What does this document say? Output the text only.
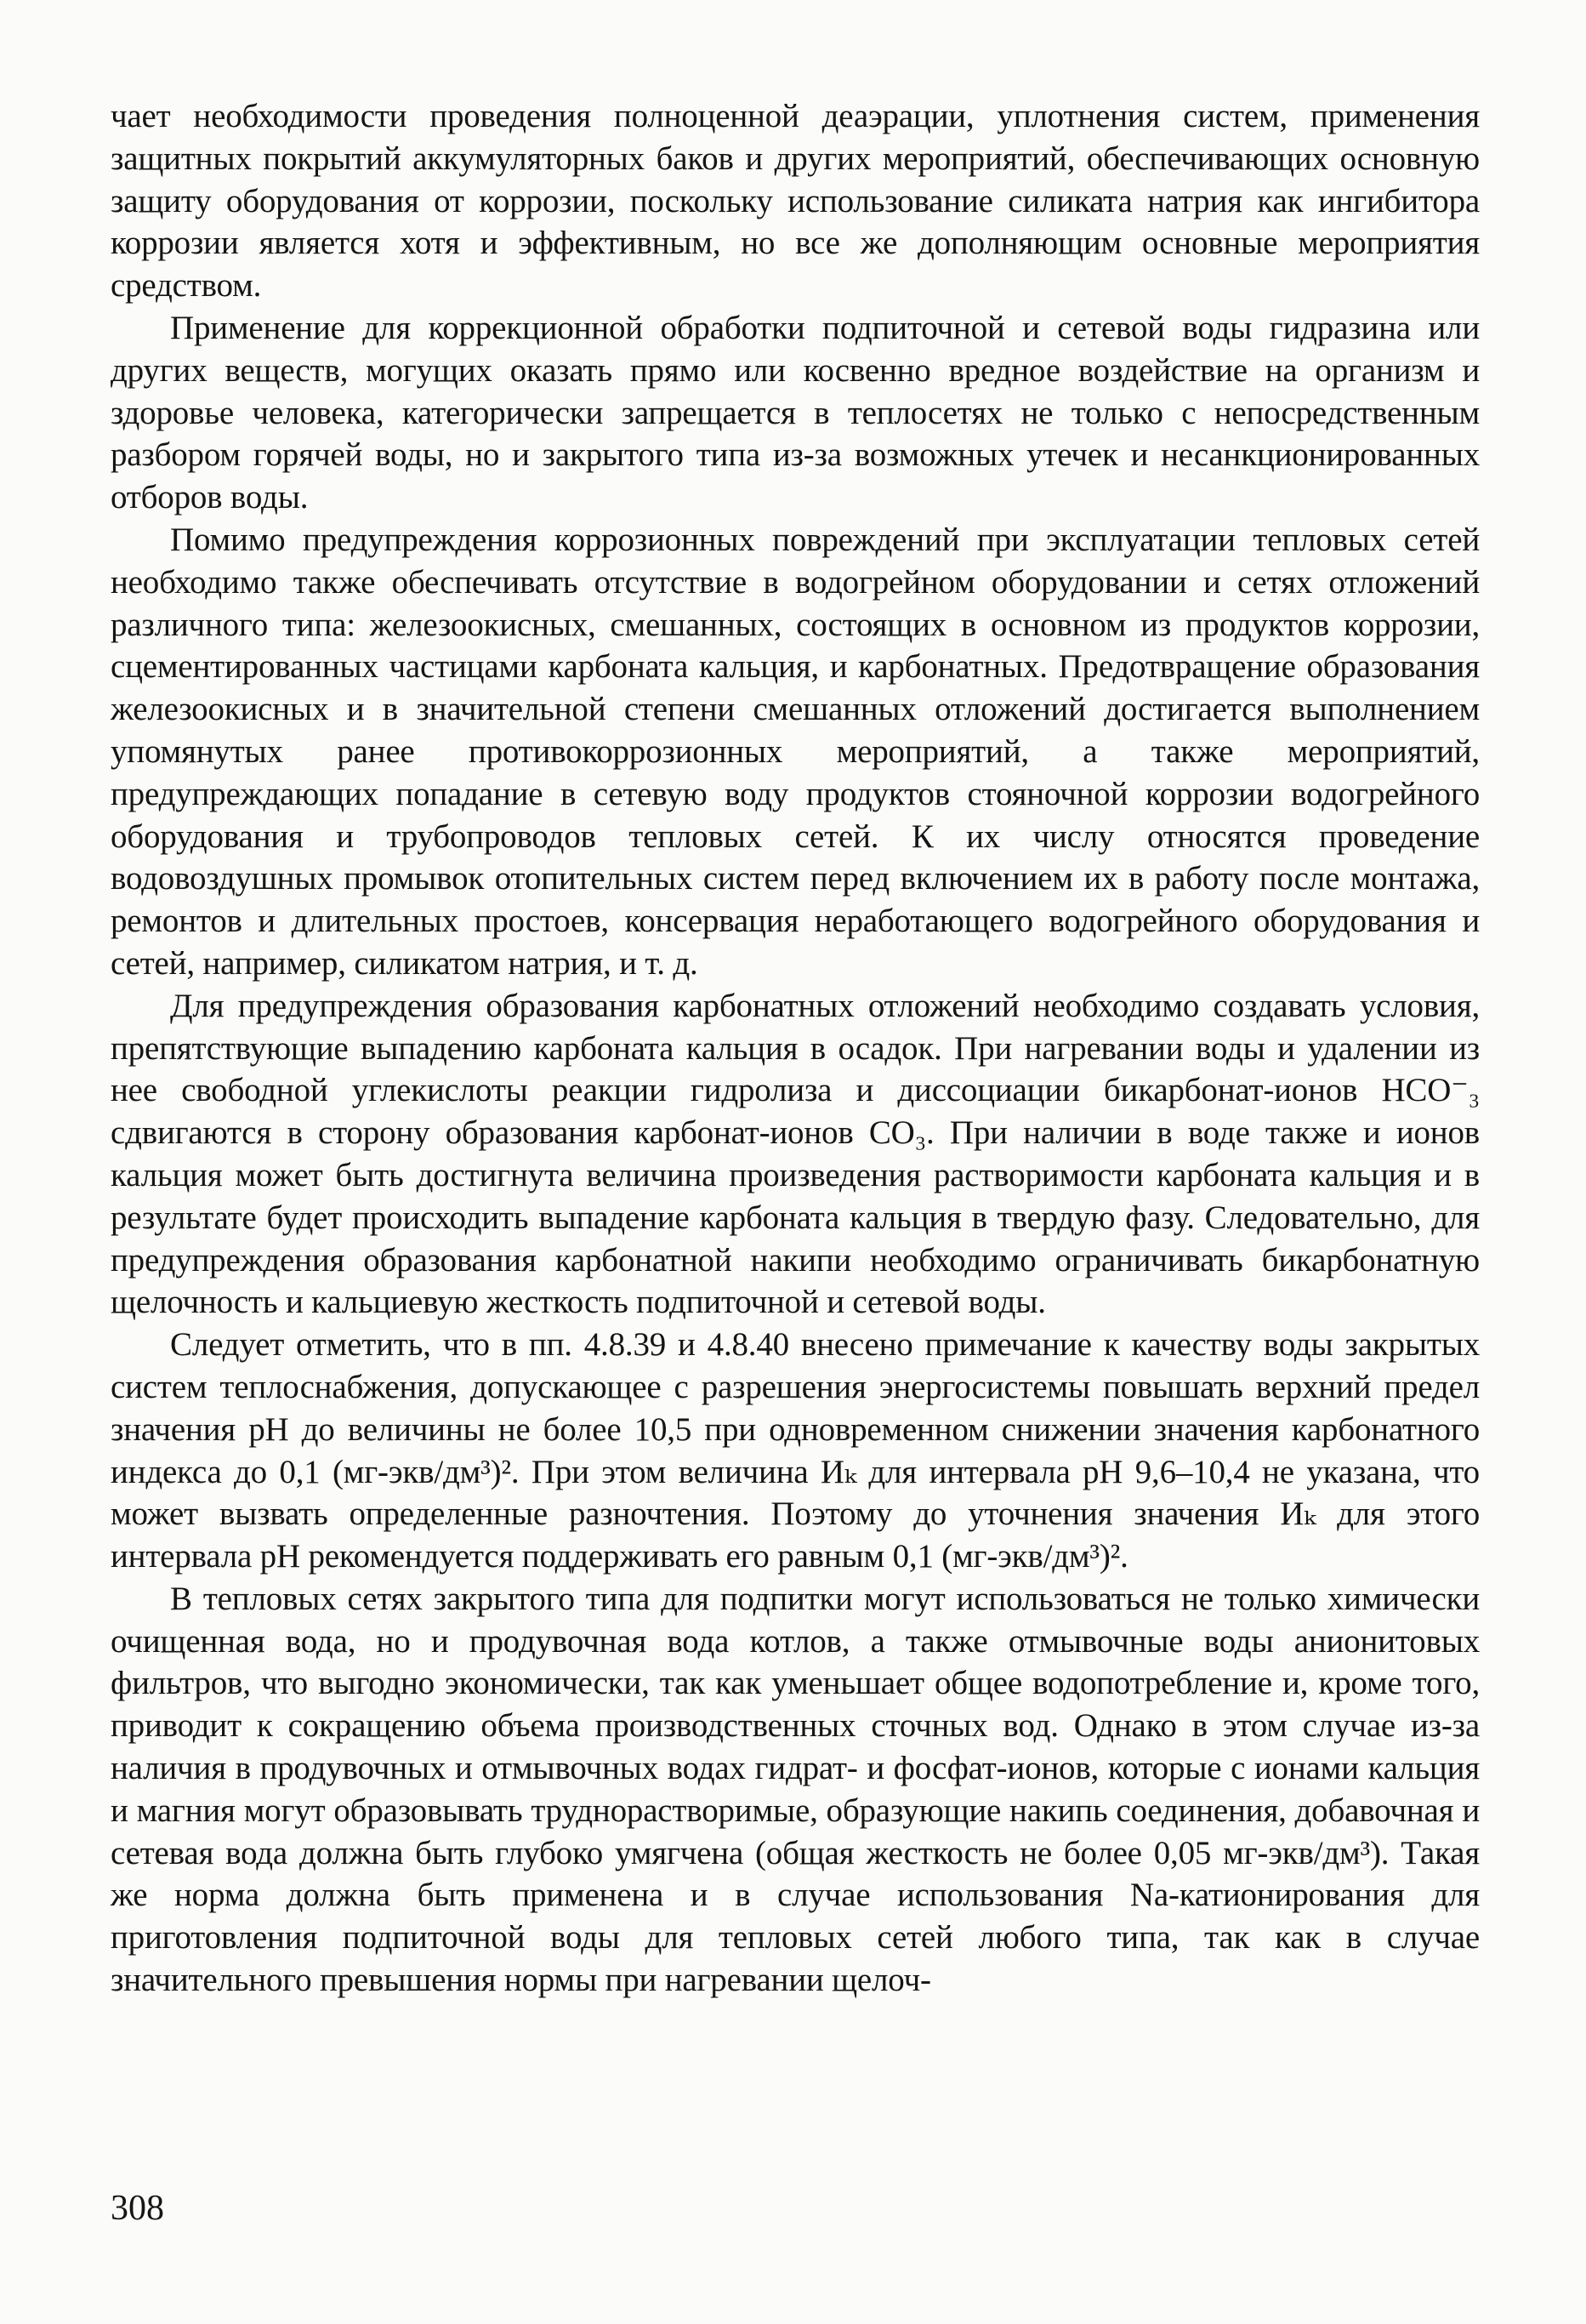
чает необходимости проведения полноценной деаэрации, уплотнения систем, применения защитных покрытий аккумуляторных баков и других мероприятий, обеспечивающих основную защиту оборудования от коррозии, поскольку использование силиката натрия как ингибитора коррозии является хотя и эффективным, но все же дополняющим основные мероприятия средством.

Применение для коррекционной обработки подпиточной и сетевой воды гидразина или других веществ, могущих оказать прямо или косвенно вредное воздействие на организм и здоровье человека, категорически запрещается в теплосетях не только с непосредственным разбором горячей воды, но и закрытого типа из-за возможных утечек и несанкционированных отборов воды.

Помимо предупреждения коррозионных повреждений при эксплуатации тепловых сетей необходимо также обеспечивать отсутствие в водогрейном оборудовании и сетях отложений различного типа: железоокисных, смешанных, состоящих в основном из продуктов коррозии, сцементированных частицами карбоната кальция, и карбонатных. Предотвращение образования железоокисных и в значительной степени смешанных отложений достигается выполнением упомянутых ранее противокоррозионных мероприятий, а также мероприятий, предупреждающих попадание в сетевую воду продуктов стояночной коррозии водогрейного оборудования и трубопроводов тепловых сетей. К их числу относятся проведение водовоздушных промывок отопительных систем перед включением их в работу после монтажа, ремонтов и длительных простоев, консервация неработающего водогрейного оборудования и сетей, например, силикатом натрия, и т. д.

Для предупреждения образования карбонатных отложений необходимо создавать условия, препятствующие выпадению карбоната кальция в осадок. При нагревании воды и удалении из нее свободной углекислоты реакции гидролиза и диссоциации бикарбонат-ионов HCO⁻₃ сдвигаются в сторону образования карбонат-ионов CO₃. При наличии в воде также и ионов кальция может быть достигнута величина произведения растворимости карбоната кальция и в результате будет происходить выпадение карбоната кальция в твердую фазу. Следовательно, для предупреждения образования карбонатной накипи необходимо ограничивать бикарбонатную щелочность и кальциевую жесткость подпиточной и сетевой воды.

Следует отметить, что в пп. 4.8.39 и 4.8.40 внесено примечание к качеству воды закрытых систем теплоснабжения, допускающее с разрешения энергосистемы повышать верхний предел значения pH до величины не более 10,5 при одновременном снижении значения карбонатного индекса до 0,1 (мг-экв/дм³)². При этом величина Иₖ для интервала pH 9,6–10,4 не указана, что может вызвать определенные разночтения. Поэтому до уточнения значения Иₖ для этого интервала pH рекомендуется поддерживать его равным 0,1 (мг-экв/дм³)².

В тепловых сетях закрытого типа для подпитки могут использоваться не только химически очищенная вода, но и продувочная вода котлов, а также отмывочные воды анионитовых фильтров, что выгодно экономически, так как уменьшает общее водопотребление и, кроме того, приводит к сокращению объема производственных сточных вод. Однако в этом случае из-за наличия в продувочных и отмывочных водах гидрат- и фосфат-ионов, которые с ионами кальция и магния могут образовывать труднорастворимые, образующие накипь соединения, добавочная и сетевая вода должна быть глубоко умягчена (общая жесткость не более 0,05 мг-экв/дм³). Такая же норма должна быть применена и в случае использования Na-катионирования для приготовления подпиточной воды для тепловых сетей любого типа, так как в случае значительного превышения нормы при нагревании щелоч-

308
